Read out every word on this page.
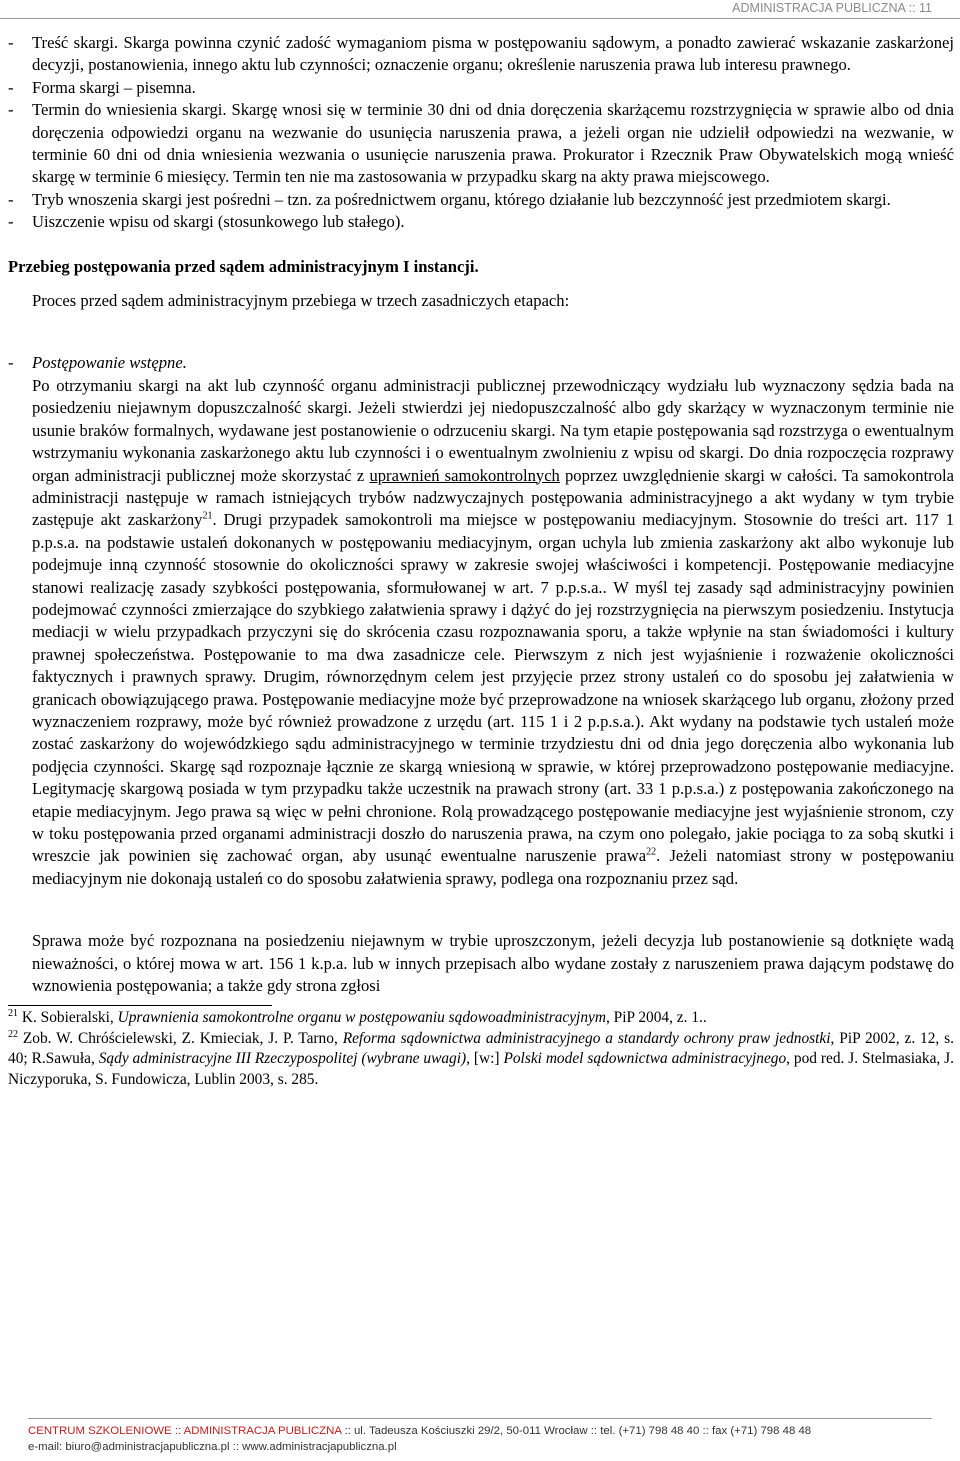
ADMINISTRACJA PUBLICZNA :: 11
- Treść skargi. Skarga powinna czynić zadość wymaganiom pisma w postępowaniu sądowym, a ponadto zawierać wskazanie zaskarżonej decyzji, postanowienia, innego aktu lub czynności; oznaczenie organu; określenie naruszenia prawa lub interesu prawnego.
- Forma skargi – pisemna.
- Termin do wniesienia skargi. Skargę wnosi się w terminie 30 dni od dnia doręczenia skarżącemu rozstrzygnięcia w sprawie albo od dnia doręczenia odpowiedzi organu na wezwanie do usunięcia naruszenia prawa, a jeżeli organ nie udzielił odpowiedzi na wezwanie, w terminie 60 dni od dnia wniesienia wezwania o usunięcie naruszenia prawa. Prokurator i Rzecznik Praw Obywatelskich mogą wnieść skargę w terminie 6 miesięcy. Termin ten nie ma zastosowania w przypadku skarg na akty prawa miejscowego.
- Tryb wnoszenia skargi jest pośredni – tzn. za pośrednictwem organu, którego działanie lub bezczynność jest przedmiotem skargi.
- Uiszczenie wpisu od skargi (stosunkowego lub stałego).
Przebieg postępowania przed sądem administracyjnym I instancji.
Proces przed sądem administracyjnym przebiega w trzech zasadniczych etapach:
- Postępowanie wstępne.
Po otrzymaniu skargi na akt lub czynność organu administracji publicznej przewodniczący wydziału lub wyznaczony sędzia bada na posiedzeniu niejawnym dopuszczalność skargi. Jeżeli stwierdzi jej niedopuszczalność albo gdy skarżący w wyznaczonym terminie nie usunie braków formalnych, wydawane jest postanowienie o odrzuceniu skargi. Na tym etapie postępowania sąd rozstrzyga o ewentualnym wstrzymaniu wykonania zaskarżonego aktu lub czynności i o ewentualnym zwolnieniu z wpisu od skargi. Do dnia rozpoczęcia rozprawy organ administracji publicznej może skorzystać z uprawnień samokontrolnych poprzez uwzględnienie skargi w całości. Ta samokontrola administracji następuje w ramach istniejących trybów nadzwyczajnych postępowania administracyjnego a akt wydany w tym trybie zastępuje akt zaskarżony$^{21}$. Drugi przypadek samokontroli ma miejsce w postępowaniu mediacyjnym. Stosownie do treści art. 117 1 p.p.s.a. na podstawie ustaleń dokonanych w postępowaniu mediacyjnym, organ uchyla lub zmienia zaskarżony akt albo wykonuje lub podejmuje inną czynność stosownie do okoliczności sprawy w zakresie swojej właściwości i kompetencji. Postępowanie mediacyjne stanowi realizację zasady szybkości postępowania, sformułowanej w art. 7 p.p.s.a.. W myśl tej zasady sąd administracyjny powinien podejmować czynności zmierzające do szybkiego załatwienia sprawy i dążyć do jej rozstrzygnięcia na pierwszym posiedzeniu. Instytucja mediacji w wielu przypadkach przyczyni się do skrócenia czasu rozpoznawania sporu, a także wpłynie na stan świadomości i kultury prawnej społeczeństwa. Postępowanie to ma dwa zasadnicze cele. Pierwszym z nich jest wyjaśnienie i rozważenie okoliczności faktycznych i prawnych sprawy. Drugim, równorzędnym celem jest przyjęcie przez strony ustaleń co do sposobu jej załatwienia w granicach obowiązującego prawa. Postępowanie mediacyjne może być przeprowadzone na wniosek skarżącego lub organu, złożony przed wyznaczeniem rozprawy, może być również prowadzone z urzędu (art. 115 1 i 2 p.p.s.a.). Akt wydany na podstawie tych ustaleń może zostać zaskarżony do wojewódzkiego sądu administracyjnego w terminie trzydziestu dni od dnia jego doręczenia albo wykonania lub podjęcia czynności. Skargę sąd rozpoznaje łącznie ze skargą wniesioną w sprawie, w której przeprowadzono postępowanie mediacyjne. Legitymację skargową posiada w tym przypadku także uczestnik na prawach strony (art. 33 1 p.p.s.a.) z postępowania zakończonego na etapie mediacyjnym. Jego prawa są więc w pełni chronione. Rolą prowadzącego postępowanie mediacyjne jest wyjaśnienie stronom, czy w toku postępowania przed organami administracji doszło do naruszenia prawa, na czym ono polegało, jakie pociąga to za sobą skutki i wreszcie jak powinien się zachować organ, aby usunąć ewentualne naruszenie prawa$^{22}$. Jeżeli natomiast strony w postępowaniu mediacyjnym nie dokonają ustaleń co do sposobu załatwienia sprawy, podlega ona rozpoznaniu przez sąd.
Sprawa może być rozpoznana na posiedzeniu niejawnym w trybie uproszczonym, jeżeli decyzja lub postanowienie są dotknięte wadą nieważności, o której mowa w art. 156 1 k.p.a. lub w innych przepisach albo wydane zostały z naruszeniem prawa dającym podstawę do wznowienia postępowania; a także gdy strona zgłosi
$^{21}$ K. Sobieralski, Uprawnienia samokontrolne organu w postępowaniu sądowoadministracyjnym, PiP 2004, z. 1..
$^{22}$ Zob. W. Chróścielewski, Z. Kmieciak, J. P. Tarno, Reforma sądownictwa administracyjnego a standardy ochrony praw jednostki, PiP 2002, z. 12, s. 40; R.Sawuła, Sądy administracyjne III Rzeczypospolitej (wybrane uwagi), [w:] Polski model sądownictwa administracyjnego, pod red. J. Stelmasiaka, J. Niczyporuka, S. Fundowicza, Lublin 2003, s. 285.
CENTRUM SZKOLENIOWE :: ADMINISTRACJA PUBLICZNA :: ul. Tadeusza Kościuszki 29/2, 50-011 Wrocław :: tel. (+71) 798 48 40 :: fax (+71) 798 48 48
e-mail: biuro@administracjapubliczna.pl :: www.administracjapubliczna.pl
